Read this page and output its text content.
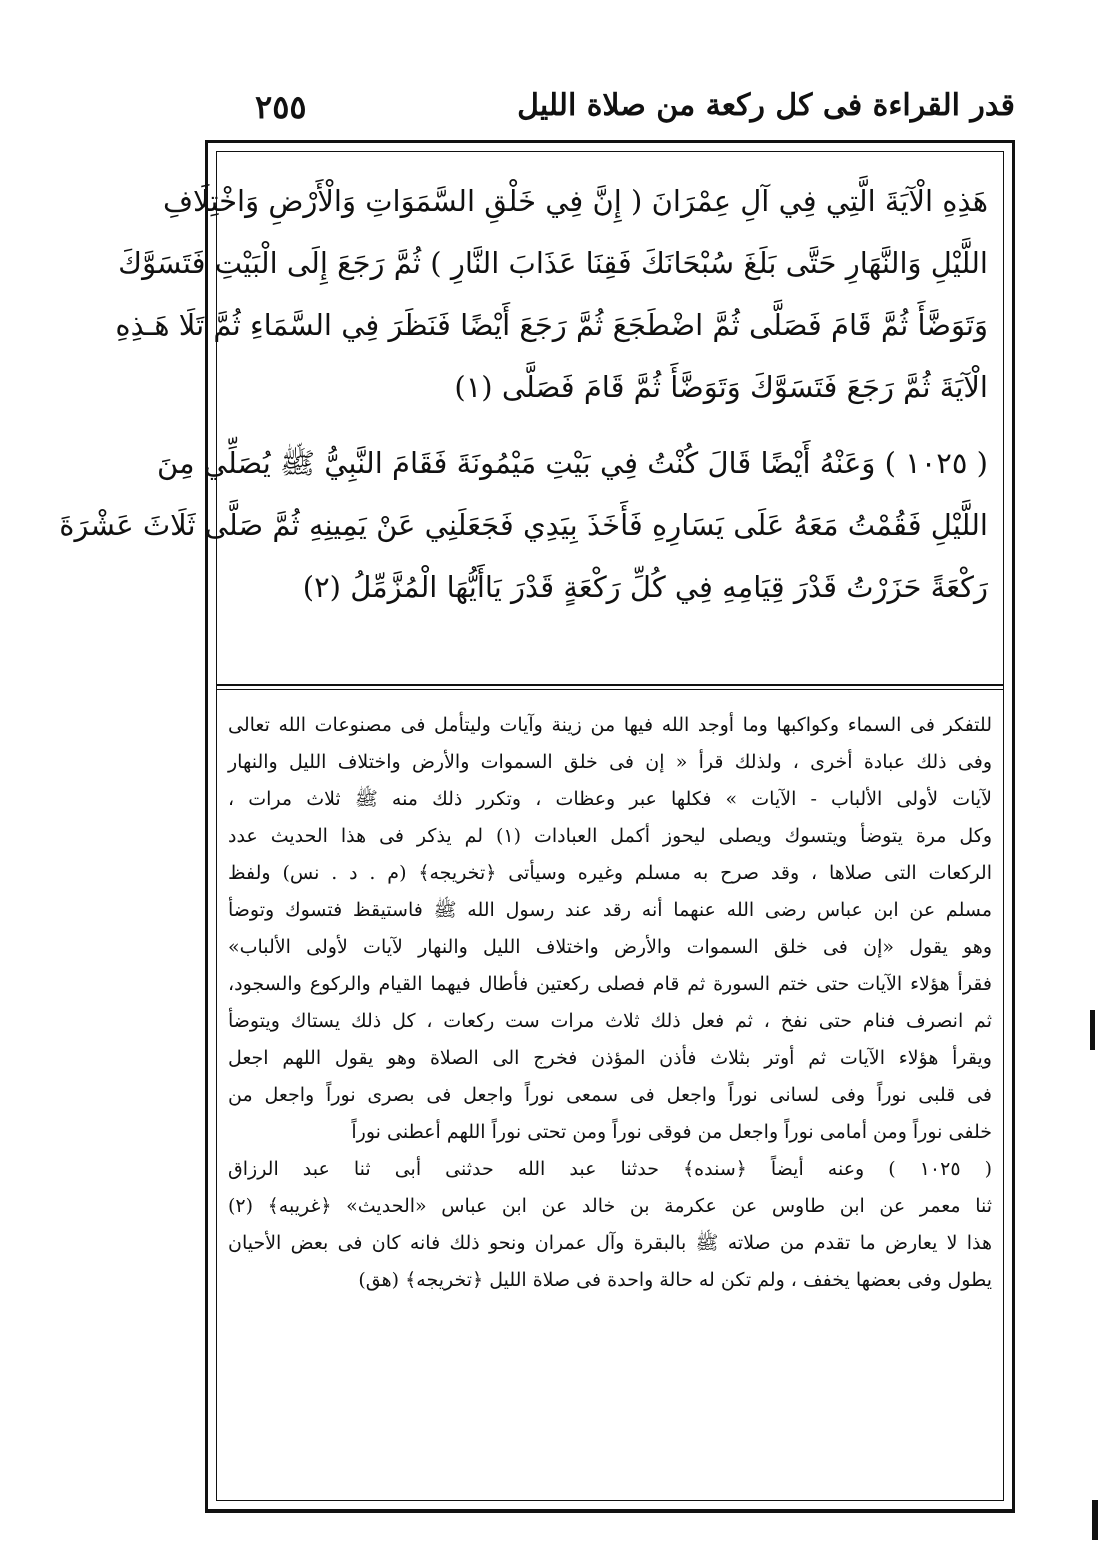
قدر القراءة فى كل ركعة من صلاة الليل
٢٥٥
هَذِهِ الْآيَةَ الَّتِي فِي آلِ عِمْرَانَ ( إِنَّ فِي خَلْقِ السَّمَوَاتِ وَالْأَرْضِ وَاخْتِلَافِ
اللَّيْلِ وَالنَّهَارِ حَتَّى بَلَغَ سُبْحَانَكَ فَقِنَا عَذَابَ النَّارِ ) ثُمَّ رَجَعَ إِلَى الْبَيْتِ فَتَسَوَّكَ
وَتَوَضَّأَ ثُمَّ قَامَ فَصَلَّى ثُمَّ اضْطَجَعَ ثُمَّ رَجَعَ أَيْضًا فَنَظَرَ فِي السَّمَاءِ ثُمَّ تَلَا هَـذِهِ
الْآيَةَ ثُمَّ رَجَعَ فَتَسَوَّكَ وَتَوَضَّأَ ثُمَّ قَامَ فَصَلَّى (١)
( ١٠٢٥ ) وَعَنْهُ أَيْضًا قَالَ كُنْتُ فِي بَيْتِ مَيْمُونَةَ فَقَامَ النَّبِيُّ ﷺ يُصَلِّي مِنَ
اللَّيْلِ فَقُمْتُ مَعَهُ عَلَى يَسَارِهِ فَأَخَذَ بِيَدِي فَجَعَلَنِي عَنْ يَمِينِهِ ثُمَّ صَلَّى ثَلَاثَ عَشْرَةَ
رَكْعَةً حَزَرْتُ قَدْرَ قِيَامِهِ فِي كُلِّ رَكْعَةٍ قَدْرَ يَاأَيُّهَا الْمُزَّمِّلُ (٢)
للتفكر فى السماء وكواكبها وما أوجد الله فيها من زينة وآيات وليتأمل فى مصنوعات الله تعالى
وفى ذلك عبادة أخرى ، ولذلك قرأ « إن فى خلق السموات والأرض واختلاف الليل والنهار
لآيات لأولى الألباب - الآيات » فكلها عبر وعظات ، وتكرر ذلك منه ﷺ ثلاث مرات ،
وكل مرة يتوضأ ويتسوك ويصلى ليحوز أكمل العبادات (١) لم يذكر فى هذا الحديث عدد
الركعات التى صلاها ، وقد صرح به مسلم وغيره وسيأتى ﴿تخريجه﴾ (م . د . نس) ولفظ
مسلم عن ابن عباس رضى الله عنهما أنه رقد عند رسول الله ﷺ فاستيقظ فتسوك وتوضأ
وهو يقول «إن فى خلق السموات والأرض واختلاف الليل والنهار لآيات لأولى الألباب»
فقرأ هؤلاء الآيات حتى ختم السورة ثم قام فصلى ركعتين فأطال فيهما القيام والركوع والسجود،
ثم انصرف فنام حتى نفخ ، ثم فعل ذلك ثلاث مرات ست ركعات ، كل ذلك يستاك ويتوضأ
ويقرأ هؤلاء الآيات ثم أوتر بثلاث فأذن المؤذن فخرج الى الصلاة وهو يقول اللهم اجعل
فى قلبى نوراً وفى لسانى نوراً واجعل فى سمعى نوراً واجعل فى بصرى نوراً واجعل من
خلفى نوراً ومن أمامى نوراً واجعل من فوقى نوراً ومن تحتى نوراً اللهم أعطنى نوراً
( ١٠٢٥ ) وعنه أيضاً ﴿سنده﴾ حدثنا عبد الله حدثنى أبى ثنا عبد الرزاق
ثنا معمر عن ابن طاوس عن عكرمة بن خالد عن ابن عباس «الحديث» ﴿غريبه﴾ (٢)
هذا لا يعارض ما تقدم من صلاته ﷺ بالبقرة وآل عمران ونحو ذلك فانه كان فى بعض الأحيان
يطول وفى بعضها يخفف ، ولم تكن له حالة واحدة فى صلاة الليل ﴿تخريجه﴾ (هق)
